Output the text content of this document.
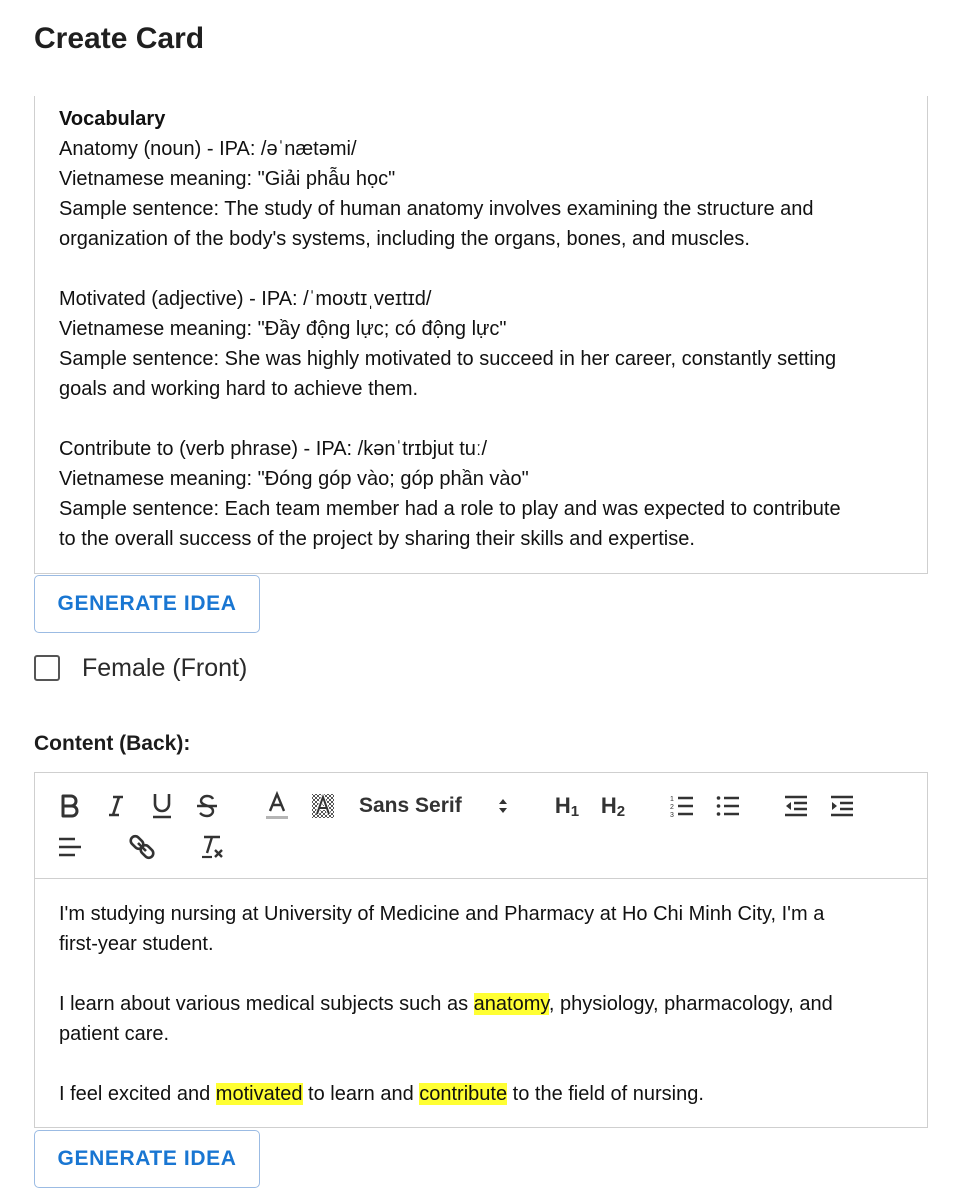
Create Card
Vocabulary
Anatomy (noun) - IPA: /əˈnætəmi/
Vietnamese meaning: "Giải phẫu học"
Sample sentence: The study of human anatomy involves examining the structure and
organization of the body's systems, including the organs, bones, and muscles.
Motivated (adjective) - IPA: /ˈmoʊtɪˌveɪtɪd/
Vietnamese meaning: "Đầy động lực; có động lực"
Sample sentence: She was highly motivated to succeed in her career, constantly setting
goals and working hard to achieve them.
Contribute to (verb phrase) - IPA: /kənˈtrɪbjut tuː/
Vietnamese meaning: "Đóng góp vào; góp phần vào"
Sample sentence: Each team member had a role to play and was expected to contribute
to the overall success of the project by sharing their skills and expertise.
GENERATE IDEA
Female (Front)
Content (Back):
Sans Serif	H1 H2
1
2
3
I'm studying nursing at University of Medicine and Pharmacy at Ho Chi Minh City, I'm a
first-year student.
I learn about various medical subjects such as anatomy, physiology, pharmacology, and
patient care.
I feel excited and motivated to learn and contribute to the field of nursing.
GENERATE IDEA
